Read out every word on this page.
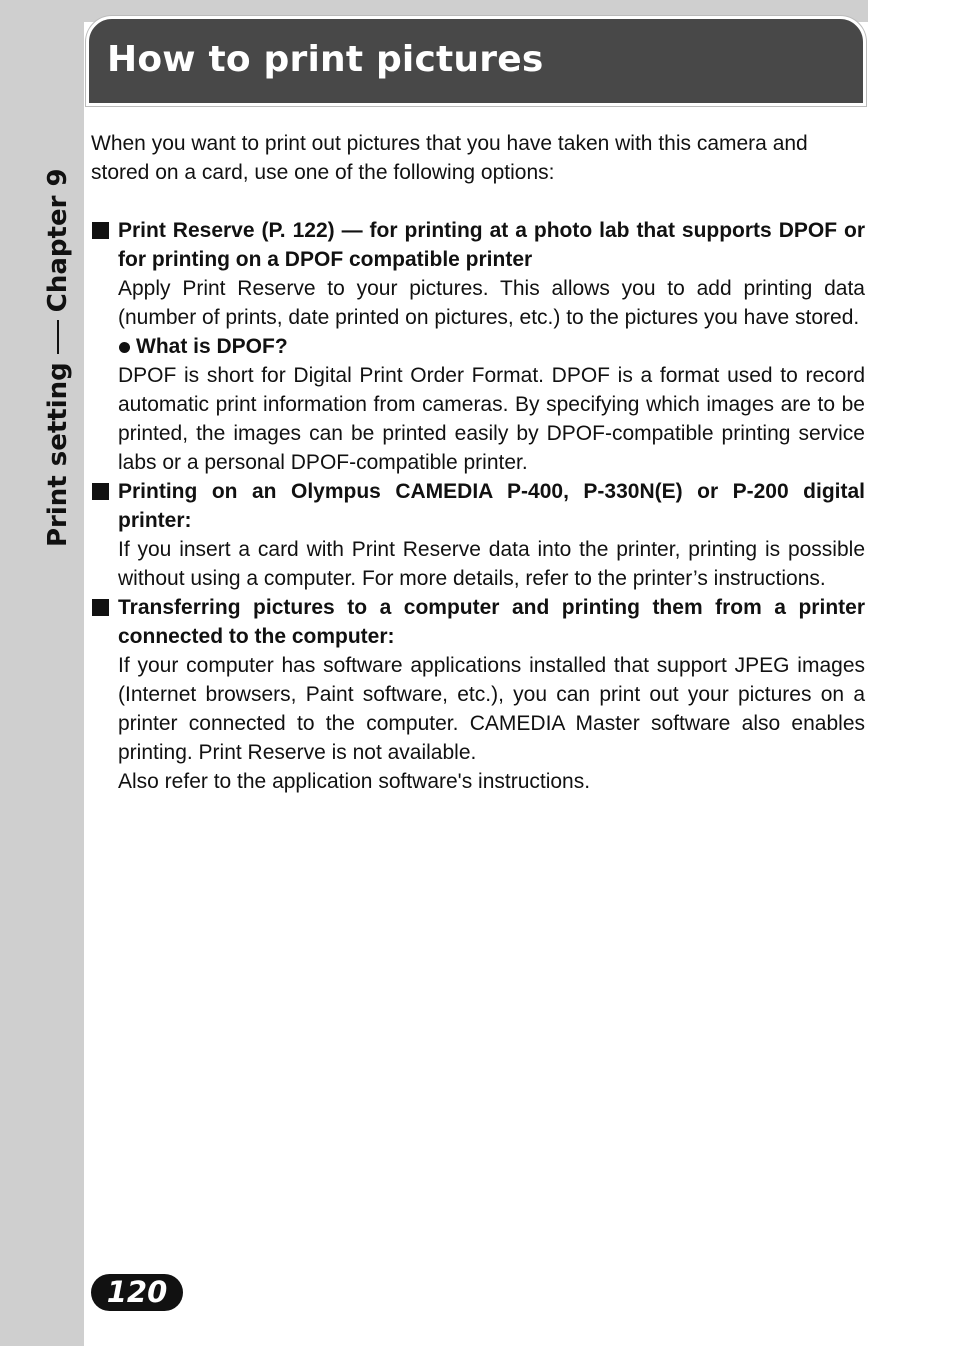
Print setting
Chapter 9
How to print pictures

When you want to print out pictures that you have taken with this camera and stored on a card, use one of the following options:

Print Reserve (P. 122) — for printing at a photo lab that supports DPOF or for printing on a DPOF compatible printer

Apply Print Reserve to your pictures. This allows you to add printing data (number of prints, date printed on pictures, etc.) to the pictures you have stored.

What is DPOF?

DPOF is short for Digital Print Order Format. DPOF is a format used to record automatic print information from cameras. By specifying which images are to be printed, the images can be printed easily by DPOF-compatible printing service labs or a personal DPOF-compatible printer.

Printing on an Olympus CAMEDIA P-400, P-330N(E) or P-200 digital printer:

If you insert a card with Print Reserve data into the printer, printing is possible without using a computer. For more details, refer to the printer’s instructions.

Transferring pictures to a computer and printing them from a printer connected to the computer:

If your computer has software applications installed that support JPEG images (Internet browsers, Paint software, etc.), you can print out your pictures on a printer connected to the computer. CAMEDIA Master software also enables printing. Print Reserve is not available.

Also refer to the application software's instructions.

120
